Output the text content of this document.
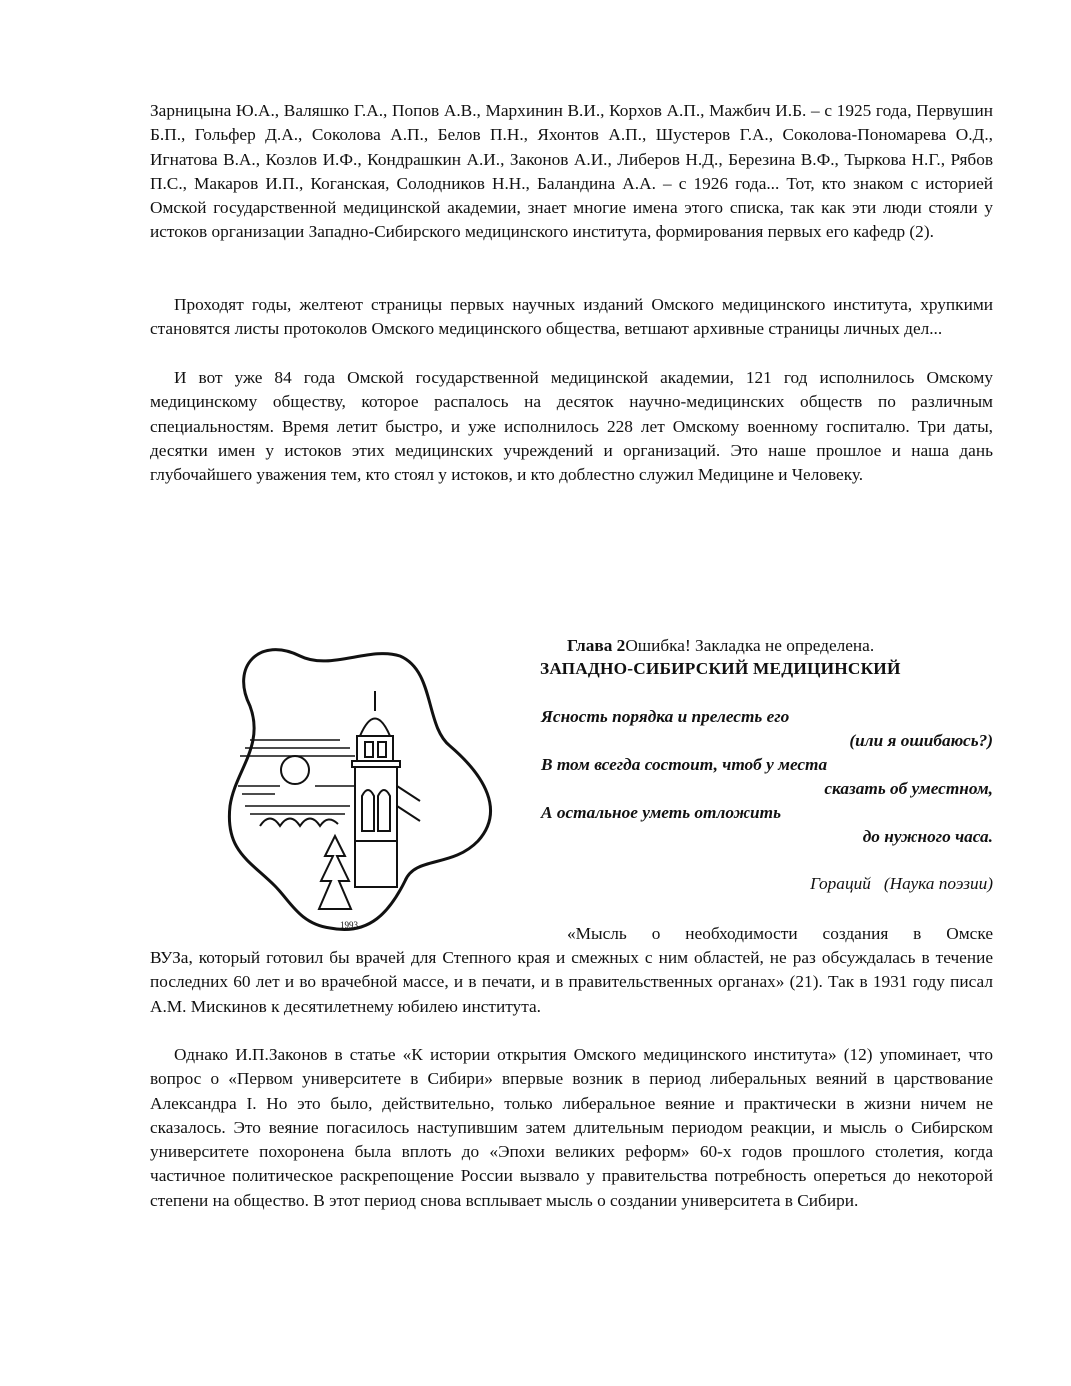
Зарницына Ю.А., Валяшко Г.А., Попов А.В., Мархинин В.И., Корхов А.П., Мажбич И.Б. – с 1925 года, Первушин Б.П., Гольфер Д.А., Соколова А.П., Белов П.Н., Яхонтов А.П., Шустеров Г.А., Соколова-Пономарева О.Д., Игнатова В.А., Козлов И.Ф., Кондрашкин А.И., Законов А.И., Либеров Н.Д., Березина В.Ф., Тыркова Н.Г., Рябов П.С., Макаров И.П., Коганская, Солодников Н.Н., Баландина А.А. – с 1926 года... Тот, кто знаком с историей Омской государственной медицинской академии, знает многие имена этого списка, так как эти люди стояли у истоков организации Западно-Сибирского медицинского института, формирования первых его кафедр (2).

Проходят годы, желтеют страницы первых научных изданий Омского медицинского института, хрупкими становятся листы протоколов Омского медицинского общества, ветшают архивные страницы личных дел...

И вот уже 84 года Омской государственной медицинской академии, 121 год исполнилось Омскому медицинскому обществу, которое распалось на десяток научно-медицинских обществ по различным специальностям. Время летит быстро, и уже исполнилось 228 лет Омскому военному госпиталю. Три даты, десятки имен у истоков этих медицинских учреждений и организаций. Это наше прошлое и наша дань глубочайшего уважения тем, кто стоял у истоков, и кто доблестно служил Медицине и Человеку.

1993
Глава 2Ошибка! Закладка не определена.
ЗАПАДНО-СИБИРСКИЙ МЕДИЦИНСКИЙ
Ясность порядка и прелесть его
(или я ошибаюсь?)
В том всегда состоит, чтоб у места
сказать об уместном,
А остальное уметь отложить
до нужного часа.
Гораций   (Наука поэзии)
«Мысль о необходимости создания в Омске

ВУЗа, который готовил бы врачей для Степного края и смежных с ним областей, не раз обсуждалась в течение последних 60 лет и во врачебной массе, и в печати, и в правительственных органах» (21). Так в 1931 году писал А.М. Мискинов к десятилетнему юбилею института.

Однако И.П.Законов в статье «К истории открытия Омского медицинского института» (12) упоминает, что вопрос о «Первом университете в Сибири» впервые возник в период либеральных веяний в царствование Александра I. Но это было, действительно, только либеральное веяние и практически в жизни ничем не сказалось. Это веяние погасилось наступившим затем длительным периодом реакции, и мысль о Сибирском университете похоронена была вплоть до «Эпохи великих реформ» 60-х годов прошлого столетия, когда частичное политическое раскрепощение России вызвало у правительства потребность опереться до некоторой степени на общество. В этот период снова всплывает мысль о создании университета в Сибири.
